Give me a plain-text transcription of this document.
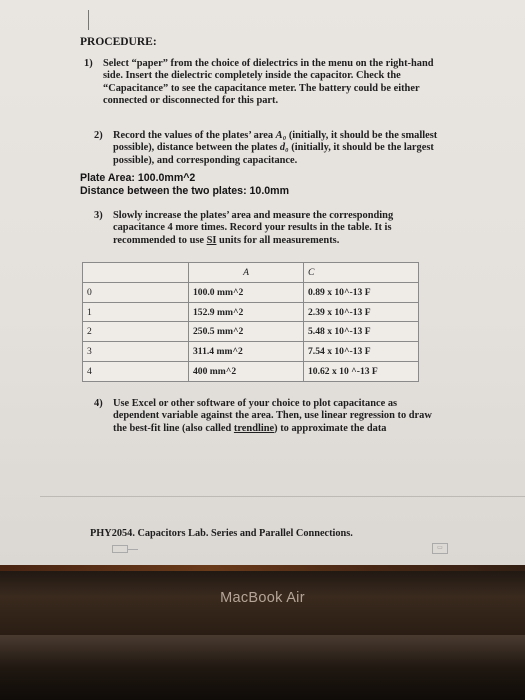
PROCEDURE:
1) Select “paper” from the choice of dielectrics in the menu on the right-hand side. Insert the dielectric completely inside the capacitor. Check the “Capacitance” to see the capacitance meter. The battery could be either connected or disconnected for this part.
2) Record the values of the plates’ area A₀ (initially, it should be the smallest possible), distance between the plates d₀ (initially, it should be the largest possible), and corresponding capacitance.
Plate Area: 100.0mm^2
Distance between the two plates: 10.0mm
3) Slowly increase the plates’ area and measure the corresponding capacitance 4 more times. Record your results in the table. It is recommended to use SI units for all measurements.
	A	C
0	100.0 mm^2	0.89 x 10^-13 F
1	152.9 mm^2	2.39 x 10^-13 F
2	250.5 mm^2	5.48 x 10^-13 F
3	311.4 mm^2	7.54 x 10^-13 F
4	400 mm^2	10.62 x 10 ^-13 F
4) Use Excel or other software of your choice to plot capacitance as dependent variable against the area. Then, use linear regression to draw the best-fit line (also called trendline) to approximate the data
PHY2054. Capacitors Lab. Series and Parallel Connections.
▭
MacBook Air
